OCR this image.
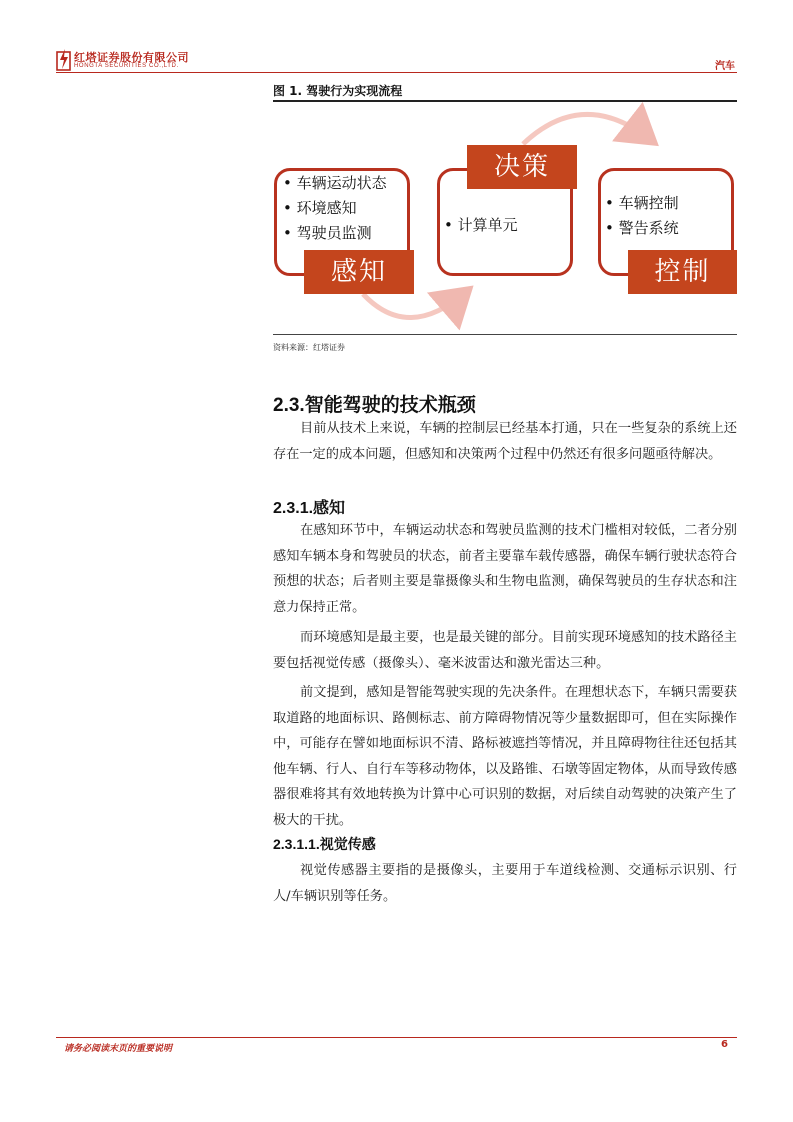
红塔证券股份有限公司
HONGTA SECURITIES CO.,LTD.	汽车
图 1. 驾驶行为实现流程
• 车辆运动状态
• 环境感知
• 驾驶员监测
感知
• 计算单元
决策
• 车辆控制
• 警告系统
控制
资料来源：红塔证券
2.3.智能驾驶的技术瓶颈

目前从技术上来说，车辆的控制层已经基本打通，只在一些复杂的系统上还存在一定的成本问题，但感知和决策两个过程中仍然还有很多问题亟待解决。

2.3.1.感知

在感知环节中，车辆运动状态和驾驶员监测的技术门槛相对较低，二者分别感知车辆本身和驾驶员的状态，前者主要靠车载传感器，确保车辆行驶状态符合预想的状态；后者则主要是靠摄像头和生物电监测，确保驾驶员的生存状态和注意力保持正常。

而环境感知是最主要，也是最关键的部分。目前实现环境感知的技术路径主要包括视觉传感（摄像头）、毫米波雷达和激光雷达三种。

前文提到，感知是智能驾驶实现的先决条件。在理想状态下，车辆只需要获取道路的地面标识、路侧标志、前方障碍物情况等少量数据即可，但在实际操作中，可能存在譬如地面标识不清、路标被遮挡等情况，并且障碍物往往还包括其他车辆、行人、自行车等移动物体，以及路锥、石墩等固定物体，从而导致传感器很难将其有效地转换为计算中心可识别的数据，对后续自动驾驶的决策产生了极大的干扰。

2.3.1.1.视觉传感

视觉传感器主要指的是摄像头，主要用于车道线检测、交通标示识别、行人/车辆识别等任务。

请务必阅读末页的重要说明	6
